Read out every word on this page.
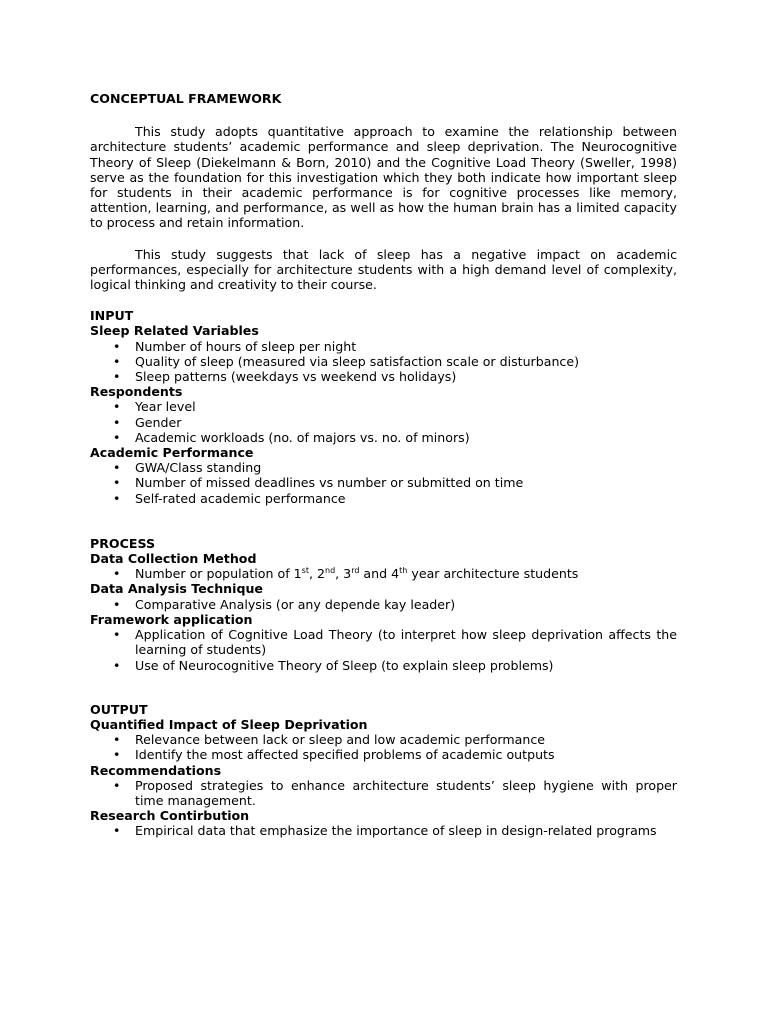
CONCEPTUAL FRAMEWORK

This study adopts quantitative approach to examine the relationship between architecture students’ academic performance and sleep deprivation. The Neurocognitive Theory of Sleep (Diekelmann & Born, 2010) and the Cognitive Load Theory (Sweller, 1998) serve as the foundation for this investigation which they both indicate how important sleep for students in their academic performance is for cognitive processes like memory, attention, learning, and performance, as well as how the human brain has a limited capacity to process and retain information.

This study suggests that lack of sleep has a negative impact on academic performances, especially for architecture students with a high demand level of complexity, logical thinking and creativity to their course.

INPUT
Sleep Related Variables
• Number of hours of sleep per night
• Quality of sleep (measured via sleep satisfaction scale or disturbance)
• Sleep patterns (weekdays vs weekend vs holidays)
Respondents
• Year level
• Gender
• Academic workloads (no. of majors vs. no. of minors)
Academic Performance
• GWA/Class standing
• Number of missed deadlines vs number or submitted on time
• Self-rated academic performance
PROCESS
Data Collection Method
• Number or population of 1st, 2nd, 3rd and 4th year architecture students
Data Analysis Technique
• Comparative Analysis (or any depende kay leader)
Framework application
• Application of Cognitive Load Theory (to interpret how sleep deprivation affects the learning of students)
• Use of Neurocognitive Theory of Sleep (to explain sleep problems)
OUTPUT
Quantified Impact of Sleep Deprivation
• Relevance between lack or sleep and low academic performance
• Identify the most affected specified problems of academic outputs
Recommendations
• Proposed strategies to enhance architecture students’ sleep hygiene with proper time management.
Research Contirbution
• Empirical data that emphasize the importance of sleep in design-related programs
